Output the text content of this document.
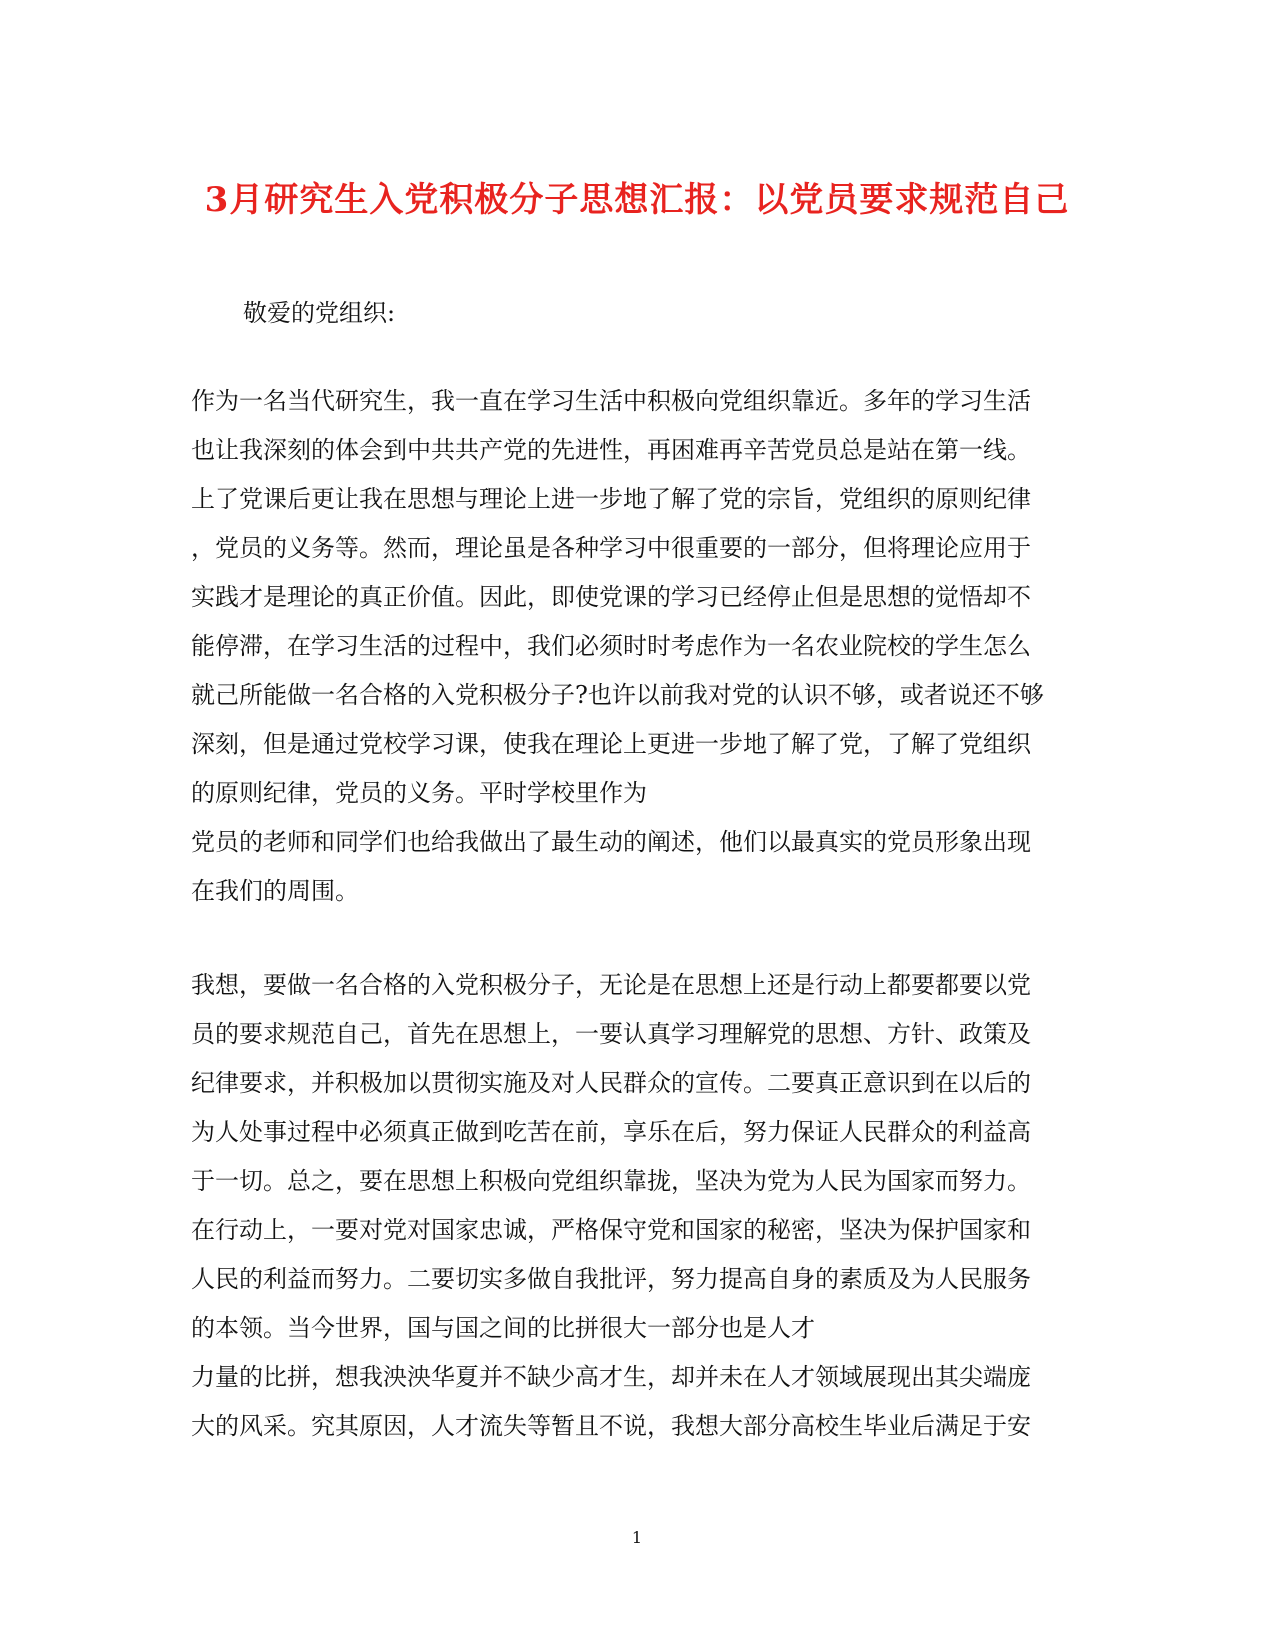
3月研究生入党积极分子思想汇报：以党员要求规范自己
敬爱的党组织:
作为一名当代研究生，我一直在学习生活中积极向党组织靠近。多年的学习生活
也让我深刻的体会到中共共产党的先进性，再困难再辛苦党员总是站在第一线。
上了党课后更让我在思想与理论上进一步地了解了党的宗旨，党组织的原则纪律
，党员的义务等。然而，理论虽是各种学习中很重要的一部分，但将理论应用于
实践才是理论的真正价值。因此，即使党课的学习已经停止但是思想的觉悟却不
能停滞，在学习生活的过程中，我们必须时时考虑作为一名农业院校的学生怎么
就己所能做一名合格的入党积极分子?也许以前我对党的认识不够，或者说还不够
深刻，但是通过党校学习课，使我在理论上更进一步地了解了党，了解了党组织
的原则纪律，党员的义务。平时学校里作为
党员的老师和同学们也给我做出了最生动的阐述，他们以最真实的党员形象出现
在我们的周围。
我想，要做一名合格的入党积极分子，无论是在思想上还是行动上都要都要以党
员的要求规范自己，首先在思想上，一要认真学习理解党的思想、方针、政策及
纪律要求，并积极加以贯彻实施及对人民群众的宣传。二要真正意识到在以后的
为人处事过程中必须真正做到吃苦在前，享乐在后，努力保证人民群众的利益高
于一切。总之，要在思想上积极向党组织靠拢，坚决为党为人民为国家而努力。
在行动上，一要对党对国家忠诚，严格保守党和国家的秘密，坚决为保护国家和
人民的利益而努力。二要切实多做自我批评，努力提高自身的素质及为人民服务
的本领。当今世界，国与国之间的比拼很大一部分也是人才
力量的比拼，想我泱泱华夏并不缺少高才生，却并未在人才领域展现出其尖端庞
大的风采。究其原因，人才流失等暂且不说，我想大部分高校生毕业后满足于安
1
